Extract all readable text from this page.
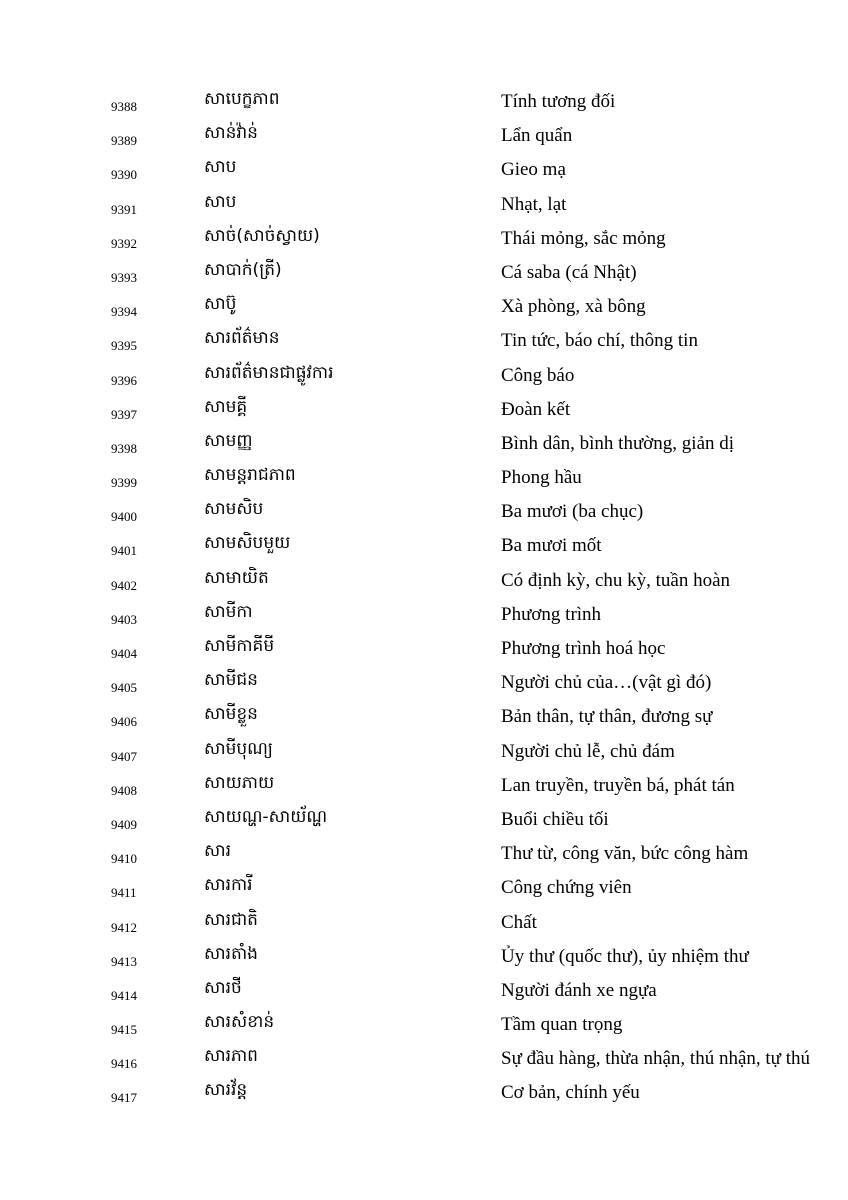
9388	សាបេក្ខភាព	Tính tương đối
9389	សាន់វ៉ាន់	Lẩn quẩn
9390	សាប	Gieo mạ
9391	សាប	Nhạt, lạt
9392	សាច់(សាច់ស្វាយ)	Thái mỏng, sắc mỏng
9393	សាបាក់(ត្រី)	Cá saba (cá Nhật)
9394	សាប៊ូ	Xà phòng, xà bông
9395	សារព័ត៌មាន	Tin tức, báo chí, thông tin
9396	សារព័ត៌មានជាផ្លូវការ	Công báo
9397	សាមគ្គី	Đoàn kết
9398	សាមញ្ញ	Bình dân, bình thường, giản dị
9399	សាមន្តរាជភាព	Phong hầu
9400	សាមសិប	Ba mươi (ba chục)
9401	សាមសិបមួយ	Ba mươi mốt
9402	សាមាយិត	Có định kỳ, chu kỳ, tuần hoàn
9403	សាមីកា	Phương trình
9404	សាមីកាគីមី	Phương trình hoá học
9405	សាមីជន	Người chủ của…(vật gì đó)
9406	សាមីខ្លួន	Bản thân, tự thân, đương sự
9407	សាមីបុណ្យ	Người chủ lễ, chủ đám
9408	សាយភាយ	Lan truyền, truyền bá, phát tán
9409	សាយណ្ហ-សាយ័ណ្ហ	Buổi chiều tối
9410	សារ	Thư từ, công văn, bức công hàm
9411	សារការី	Công chứng viên
9412	សារជាតិ	Chất
9413	សារតាំង	Ủy thư (quốc thư), ủy nhiệm thư
9414	សារថី	Người đánh xe ngựa
9415	សារសំខាន់	Tầm quan trọng
9416	សារភាព	Sự đầu hàng, thừa nhận, thú nhận, tự thú
9417	សារវ័ន្ត	Cơ bản, chính yếu
